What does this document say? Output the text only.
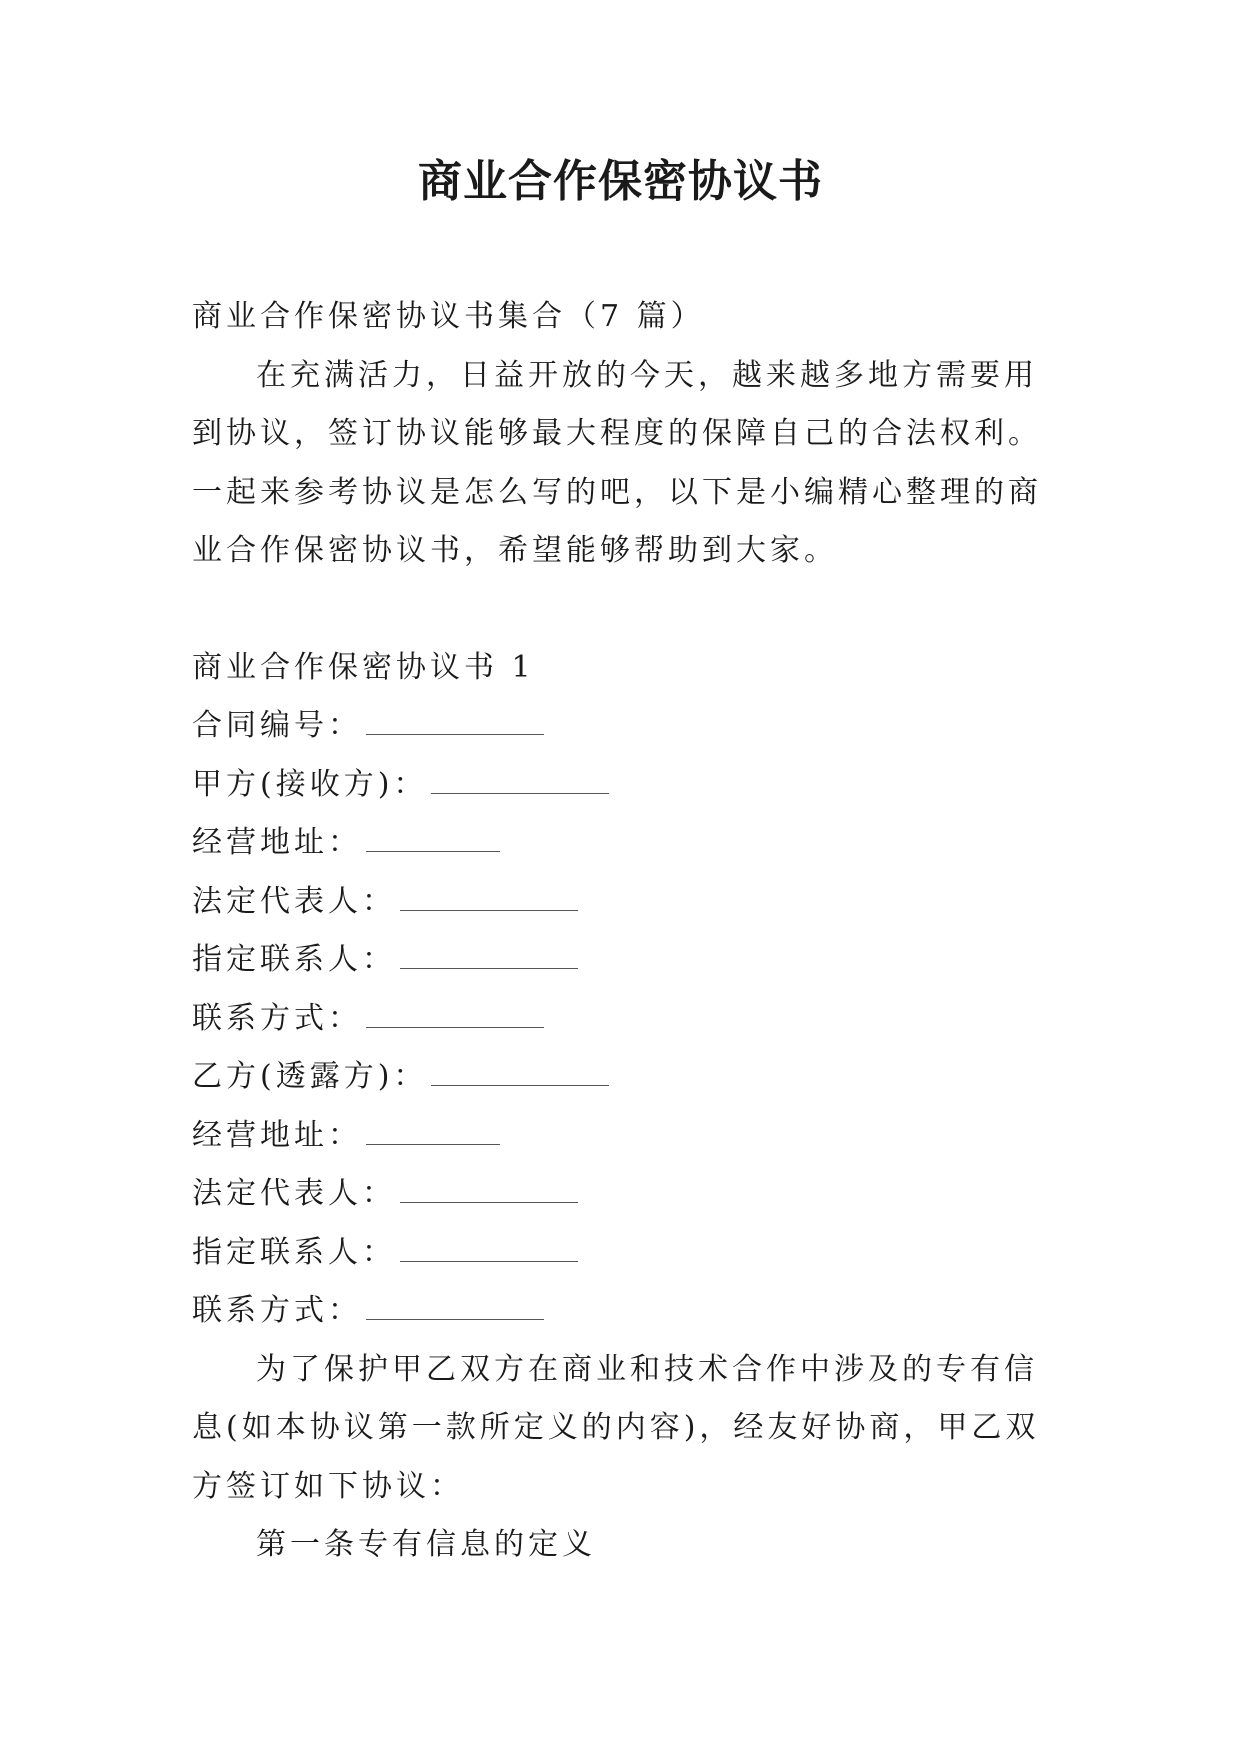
商业合作保密协议书

商业合作保密协议书集合（7 篇）

在充满活力，日益开放的今天，越来越多地方需要用到协议，签订协议能够最大程度的保障自己的合法权利。一起来参考协议是怎么写的吧，以下是小编精心整理的商业合作保密协议书，希望能够帮助到大家。

商业合作保密协议书 1

合同编号：

甲方(接收方)：

经营地址：

法定代表人：

指定联系人：

联系方式：

乙方(透露方)：

经营地址：

法定代表人：

指定联系人：

联系方式：

为了保护甲乙双方在商业和技术合作中涉及的专有信息(如本协议第一款所定义的内容)，经友好协商，甲乙双方签订如下协议：

第一条专有信息的定义
